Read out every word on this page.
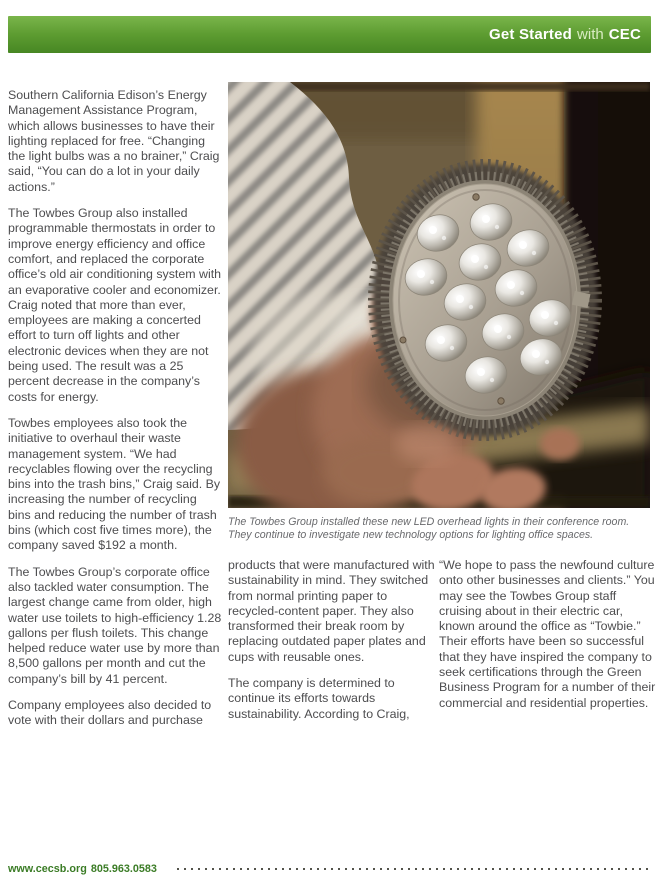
Get Started with CEC

Southern California Edison’s Energy Management Assistance Program, which allows businesses to have their lighting replaced for free. “Changing the light bulbs was a no brainer,” Craig said, “You can do a lot in your daily actions.”

The Towbes Group also installed programmable thermostats in order to improve energy efficiency and office comfort, and replaced the corporate office’s old air conditioning system with an evaporative cooler and economizer. Craig noted that more than ever, employees are making a concerted effort to turn off lights and other electronic devices when they are not being used. The result was a 25 percent decrease in the company’s costs for energy.

Towbes employees also took the initiative to overhaul their waste management system. “We had recyclables flowing over the recycling bins into the trash bins,” Craig said. By increasing the number of recycling bins and reducing the number of trash bins (which cost five times more), the company saved $192 a month.

The Towbes Group’s corporate office also tackled water consumption. The largest change came from older, high water use toilets to high-efficiency 1.28 gallons per flush toilets. This change helped reduce water use by more than 8,500 gallons per month and cut the company’s bill by 41 percent.

Company employees also decided to vote with their dollars and purchase

The Towbes Group installed these new LED overhead lights in their conference room. They continue to investigate new technology options for lighting office spaces.

products that were manufactured with sustainability in mind. They switched from normal printing paper to recycled-content paper. They also transformed their break room by replacing outdated paper plates and cups with reusable ones.

The company is determined to continue its efforts towards sustainability. According to Craig,

“We hope to pass the newfound culture onto other businesses and clients.” You may see the Towbes Group staff cruising about in their electric car, known around the office as “Towbie.” Their efforts have been so successful that they have inspired the company to seek certifications through the Green Business Program for a number of their commercial and residential properties.

www.cecsb.org 805.963.0583
